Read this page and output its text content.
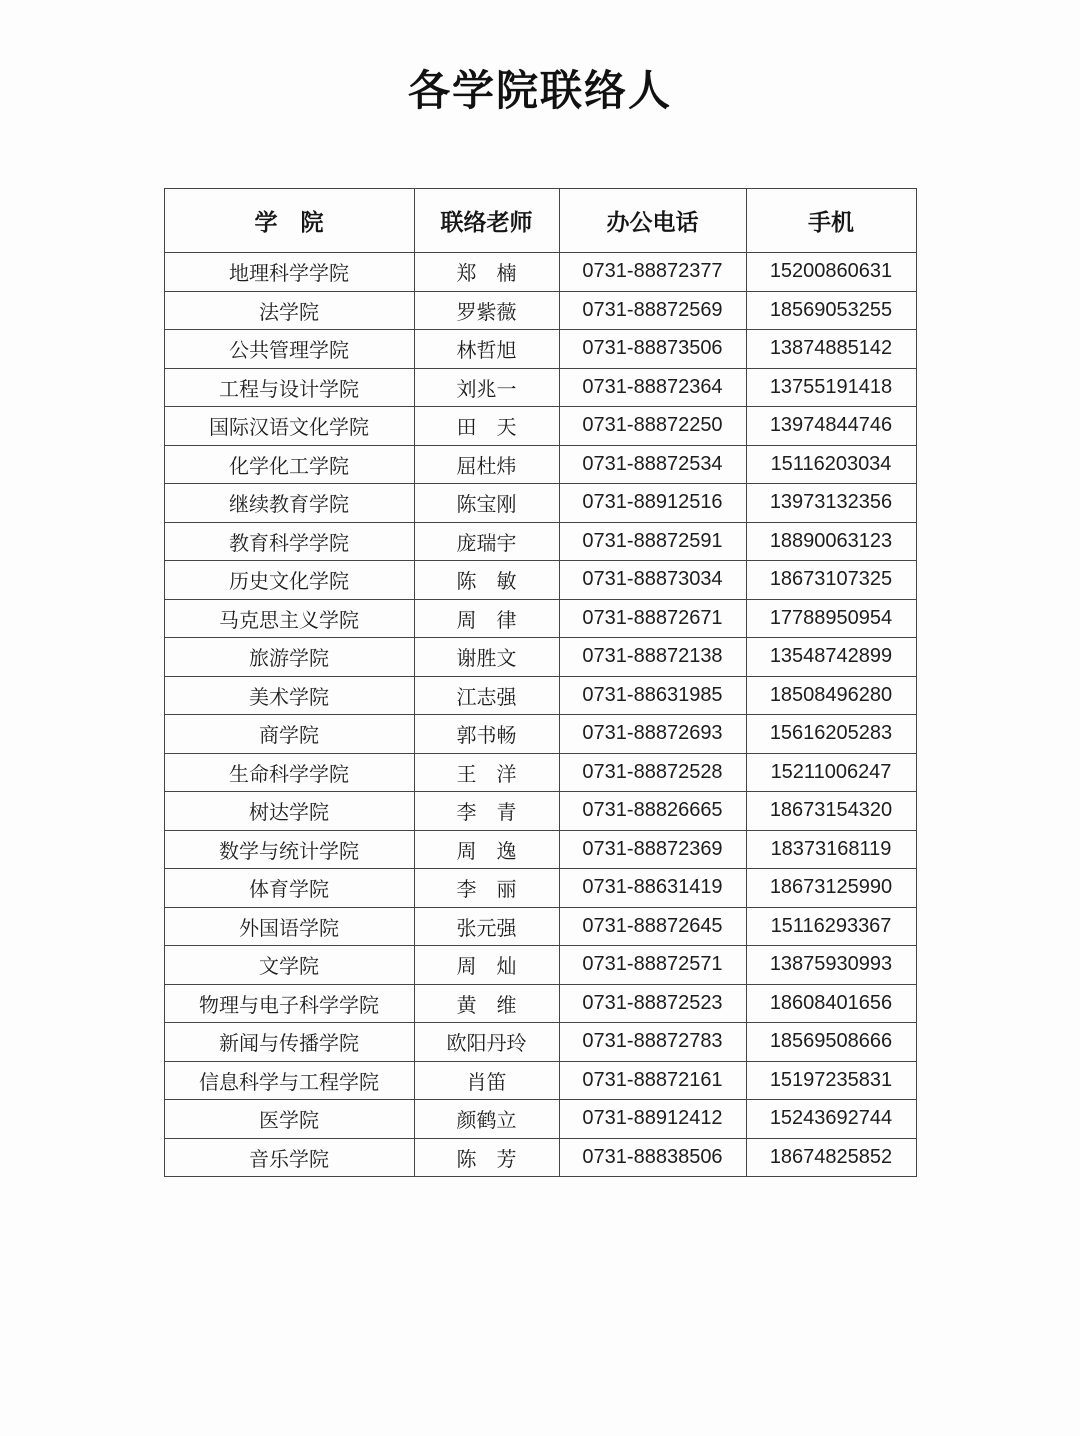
各学院联络人
学　院	联络老师	办公电话	手机
地理科学学院	郑　楠	0731-88872377	15200860631
法学院	罗紫薇	0731-88872569	18569053255
公共管理学院	林哲旭	0731-88873506	13874885142
工程与设计学院	刘兆一	0731-88872364	13755191418
国际汉语文化学院	田　天	0731-88872250	13974844746
化学化工学院	屈杜炜	0731-88872534	15116203034
继续教育学院	陈宝刚	0731-88912516	13973132356
教育科学学院	庞瑞宇	0731-88872591	18890063123
历史文化学院	陈　敏	0731-88873034	18673107325
马克思主义学院	周　律	0731-88872671	17788950954
旅游学院	谢胜文	0731-88872138	13548742899
美术学院	江志强	0731-88631985	18508496280
商学院	郭书畅	0731-88872693	15616205283
生命科学学院	王　洋	0731-88872528	15211006247
树达学院	李　青	0731-88826665	18673154320
数学与统计学院	周　逸	0731-88872369	18373168119
体育学院	李　丽	0731-88631419	18673125990
外国语学院	张元强	0731-88872645	15116293367
文学院	周　灿	0731-88872571	13875930993
物理与电子科学学院	黄　维	0731-88872523	18608401656
新闻与传播学院	欧阳丹玲	0731-88872783	18569508666
信息科学与工程学院	肖笛	0731-88872161	15197235831
医学院	颜鹤立	0731-88912412	15243692744
音乐学院	陈　芳	0731-88838506	18674825852
